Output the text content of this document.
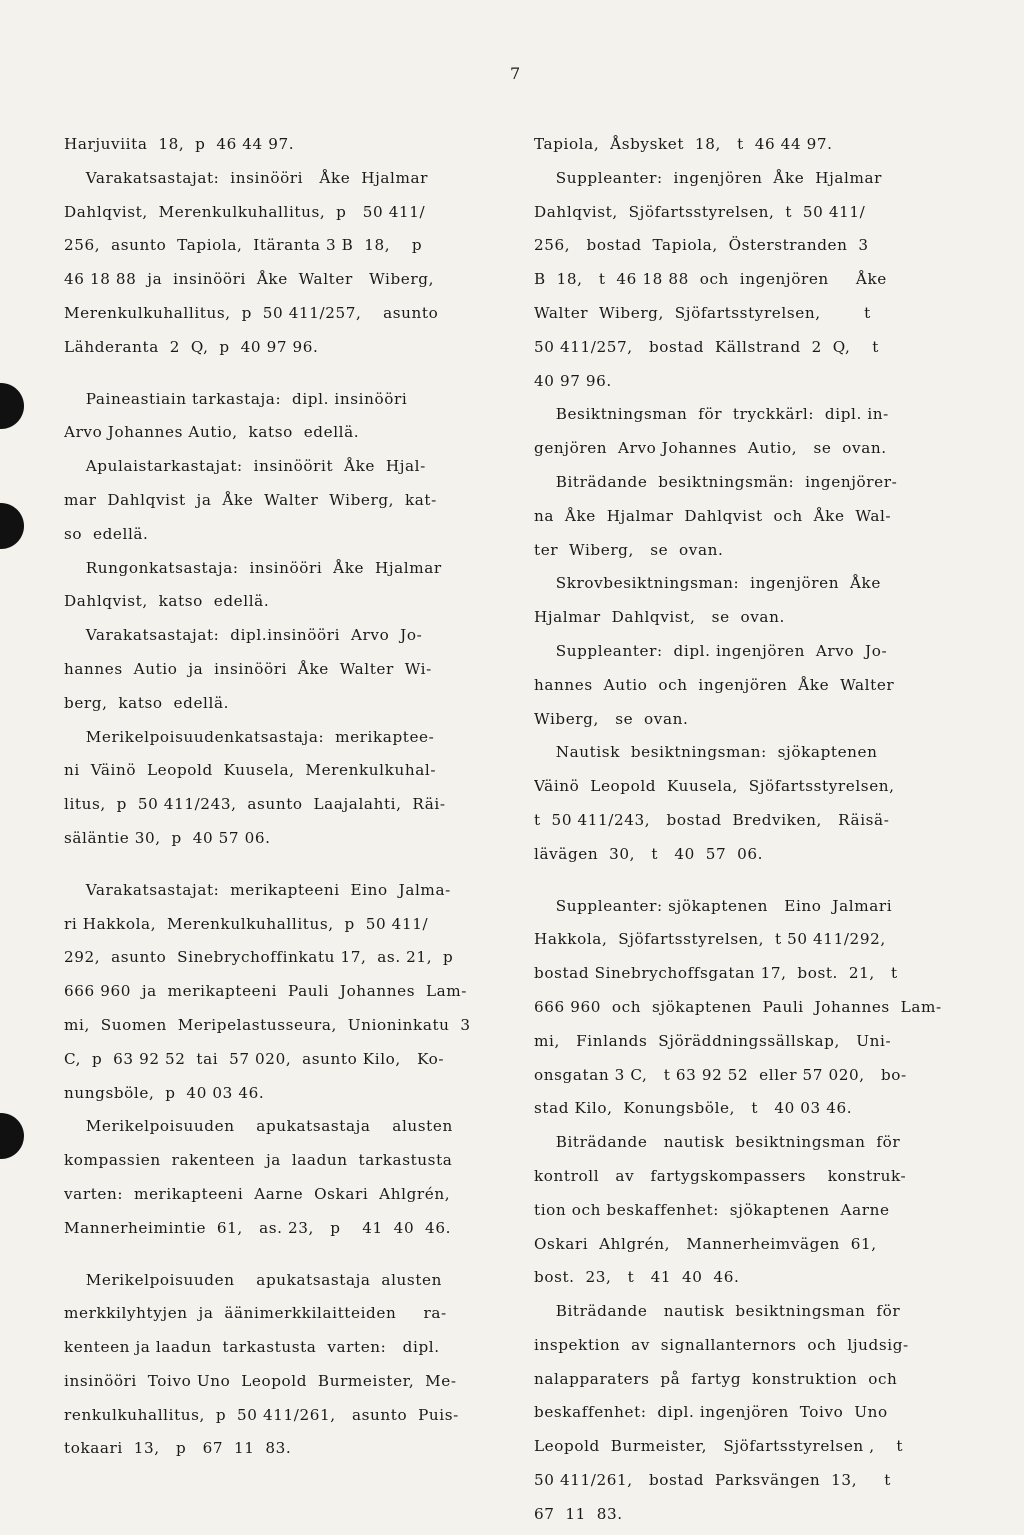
7
Harjuviita  18,  p  46 44 97.
Varakatsastajat:  insinööri   Åke  Hjalmar
Dahlqvist,  Merenkulkuhallitus,  p   50 411/
256,  asunto  Tapiola,  Itäranta 3 B  18,    p
46 18 88  ja  insinööri  Åke  Walter   Wiberg,
Merenkulkuhallitus,  p  50 411/257,    asunto
Lähderanta  2  Q,  p  40 97 96.
Paineastiain tarkastaja:  dipl. insinööri
Arvo Johannes Autio,  katso  edellä.
Apulaistarkastajat:  insinöörit  Åke  Hjal-
mar  Dahlqvist  ja  Åke  Walter  Wiberg,  kat-
so  edellä.
Rungonkatsastaja:  insinööri  Åke  Hjalmar
Dahlqvist,  katso  edellä.
Varakatsastajat:  dipl.insinööri  Arvo  Jo-
hannes  Autio  ja  insinööri  Åke  Walter  Wi-
berg,  katso  edellä.
Merikelpoisuudenkatsastaja:  merikaptee-
ni  Väinö  Leopold  Kuusela,  Merenkulkuhal-
litus,  p  50 411/243,  asunto  Laajalahti,  Räi-
säläntie 30,  p  40 57 06.
Varakatsastajat:  merikapteeni  Eino  Jalma-
ri Hakkola,  Merenkulkuhallitus,  p  50 411/
292,  asunto  Sinebrychoffinkatu 17,  as. 21,  p
666 960  ja  merikapteeni  Pauli  Johannes  Lam-
mi,  Suomen  Meripelastusseura,  Unioninkatu  3
C,  p  63 92 52  tai  57 020,  asunto Kilo,   Ko-
nungsböle,  p  40 03 46.
Merikelpoisuuden    apukatsastaja    alusten
kompassien  rakenteen  ja  laadun  tarkastusta
varten:  merikapteeni  Aarne  Oskari  Ahlgrén,
Mannerheimintie  61,   as. 23,   p    41  40  46.
Merikelpoisuuden    apukatsastaja  alusten
merkkilyhtyjen  ja  äänimerkkilaitteiden     ra-
kenteen ja laadun  tarkastusta  varten:   dipl.
insinööri  Toivo Uno  Leopold  Burmeister,  Me-
renkulkuhallitus,  p  50 411/261,   asunto  Puis-
tokaari  13,   p   67  11  83.
Tapiola,  Åsbysket  18,   t  46 44 97.
Suppleanter:  ingenjören  Åke  Hjalmar
Dahlqvist,  Sjöfartsstyrelsen,  t  50 411/
256,   bostad  Tapiola,  Österstranden  3
B  18,   t  46 18 88  och  ingenjören     Åke
Walter  Wiberg,  Sjöfartsstyrelsen,        t
50 411/257,   bostad  Källstrand  2  Q,    t
40 97 96.
Besiktningsman  för  tryckkärl:  dipl. in-
genjören  Arvo Johannes  Autio,   se  ovan.
Biträdande  besiktningsmän:  ingenjörer-
na  Åke  Hjalmar  Dahlqvist  och  Åke  Wal-
ter  Wiberg,   se  ovan.
Skrovbesiktningsman:  ingenjören  Åke
Hjalmar  Dahlqvist,   se  ovan.
Suppleanter:  dipl. ingenjören  Arvo  Jo-
hannes  Autio  och  ingenjören  Åke  Walter
Wiberg,   se  ovan.
Nautisk  besiktningsman:  sjökaptenen
Väinö  Leopold  Kuusela,  Sjöfartsstyrelsen,
t  50 411/243,   bostad  Bredviken,   Räisä-
lävägen  30,   t   40  57  06.
Suppleanter: sjökaptenen   Eino  Jalmari
Hakkola,  Sjöfartsstyrelsen,  t 50 411/292,
bostad Sinebrychoffsgatan 17,  bost.  21,   t
666 960  och  sjökaptenen  Pauli  Johannes  Lam-
mi,   Finlands  Sjöräddningssällskap,   Uni-
onsgatan 3 C,   t 63 92 52  eller 57 020,   bo-
stad Kilo,  Konungsböle,   t   40 03 46.
Biträdande   nautisk  besiktningsman  för
kontroll   av   fartygskompassers    konstruk-
tion och beskaffenhet:  sjökaptenen  Aarne
Oskari  Ahlgrén,   Mannerheimvägen  61,
bost.  23,   t   41  40  46.
Biträdande   nautisk  besiktningsman  för
inspektion  av  signallanternors  och  ljudsig-
nalapparaters  på  fartyg  konstruktion  och
beskaffenhet:  dipl. ingenjören  Toivo  Uno
Leopold  Burmeister,   Sjöfartsstyrelsen ,    t
50 411/261,   bostad  Parksvängen  13,     t
67  11  83.
